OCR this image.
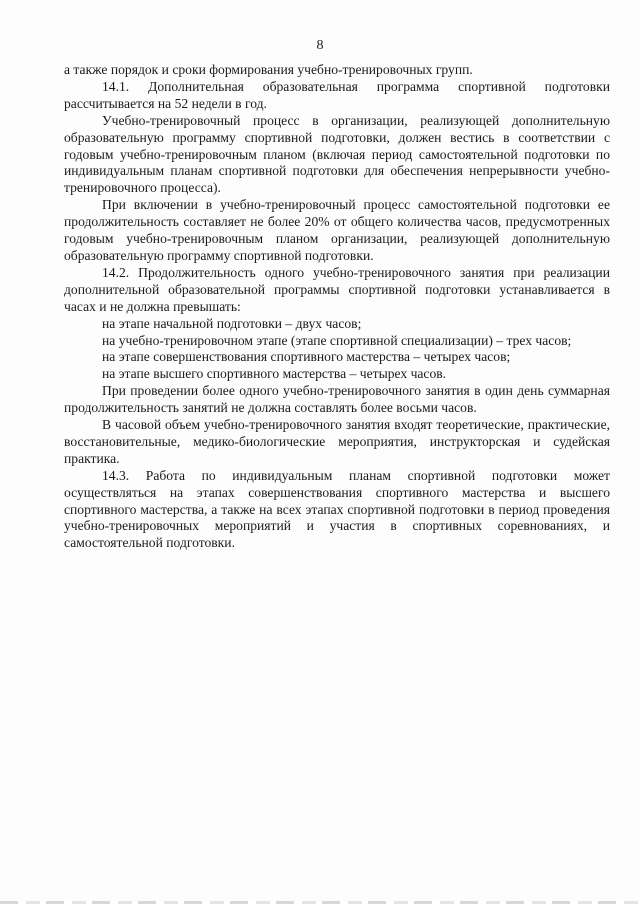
8

а также порядок и сроки формирования учебно-тренировочных групп.

14.1. Дополнительная образовательная программа спортивной подготовки рассчитывается на 52 недели в год.

Учебно-тренировочный процесс в организации, реализующей дополнительную образовательную программу спортивной подготовки, должен вестись в соответствии с годовым учебно-тренировочным планом (включая период самостоятельной подготовки по индивидуальным планам спортивной подготовки для обеспечения непрерывности учебно-тренировочного процесса).

При включении в учебно-тренировочный процесс самостоятельной подготовки ее продолжительность составляет не более 20% от общего количества часов, предусмотренных годовым учебно-тренировочным планом организации, реализующей дополнительную образовательную программу спортивной подготовки.

14.2. Продолжительность одного учебно-тренировочного занятия при реализации дополнительной образовательной программы спортивной подготовки устанавливается в часах и не должна превышать:

на этапе начальной подготовки – двух часов;

на учебно-тренировочном этапе (этапе спортивной специализации) – трех часов;

на этапе совершенствования спортивного мастерства – четырех часов;

на этапе высшего спортивного мастерства – четырех часов.

При проведении более одного учебно-тренировочного занятия в один день суммарная продолжительность занятий не должна составлять более восьми часов.

В часовой объем учебно-тренировочного занятия входят теоретические, практические, восстановительные, медико-биологические мероприятия, инструкторская и судейская практика.

14.3. Работа по индивидуальным планам спортивной подготовки может осуществляться на этапах совершенствования спортивного мастерства и высшего спортивного мастерства, а также на всех этапах спортивной подготовки в период проведения учебно-тренировочных мероприятий и участия в спортивных соревнованиях, и самостоятельной подготовки.
